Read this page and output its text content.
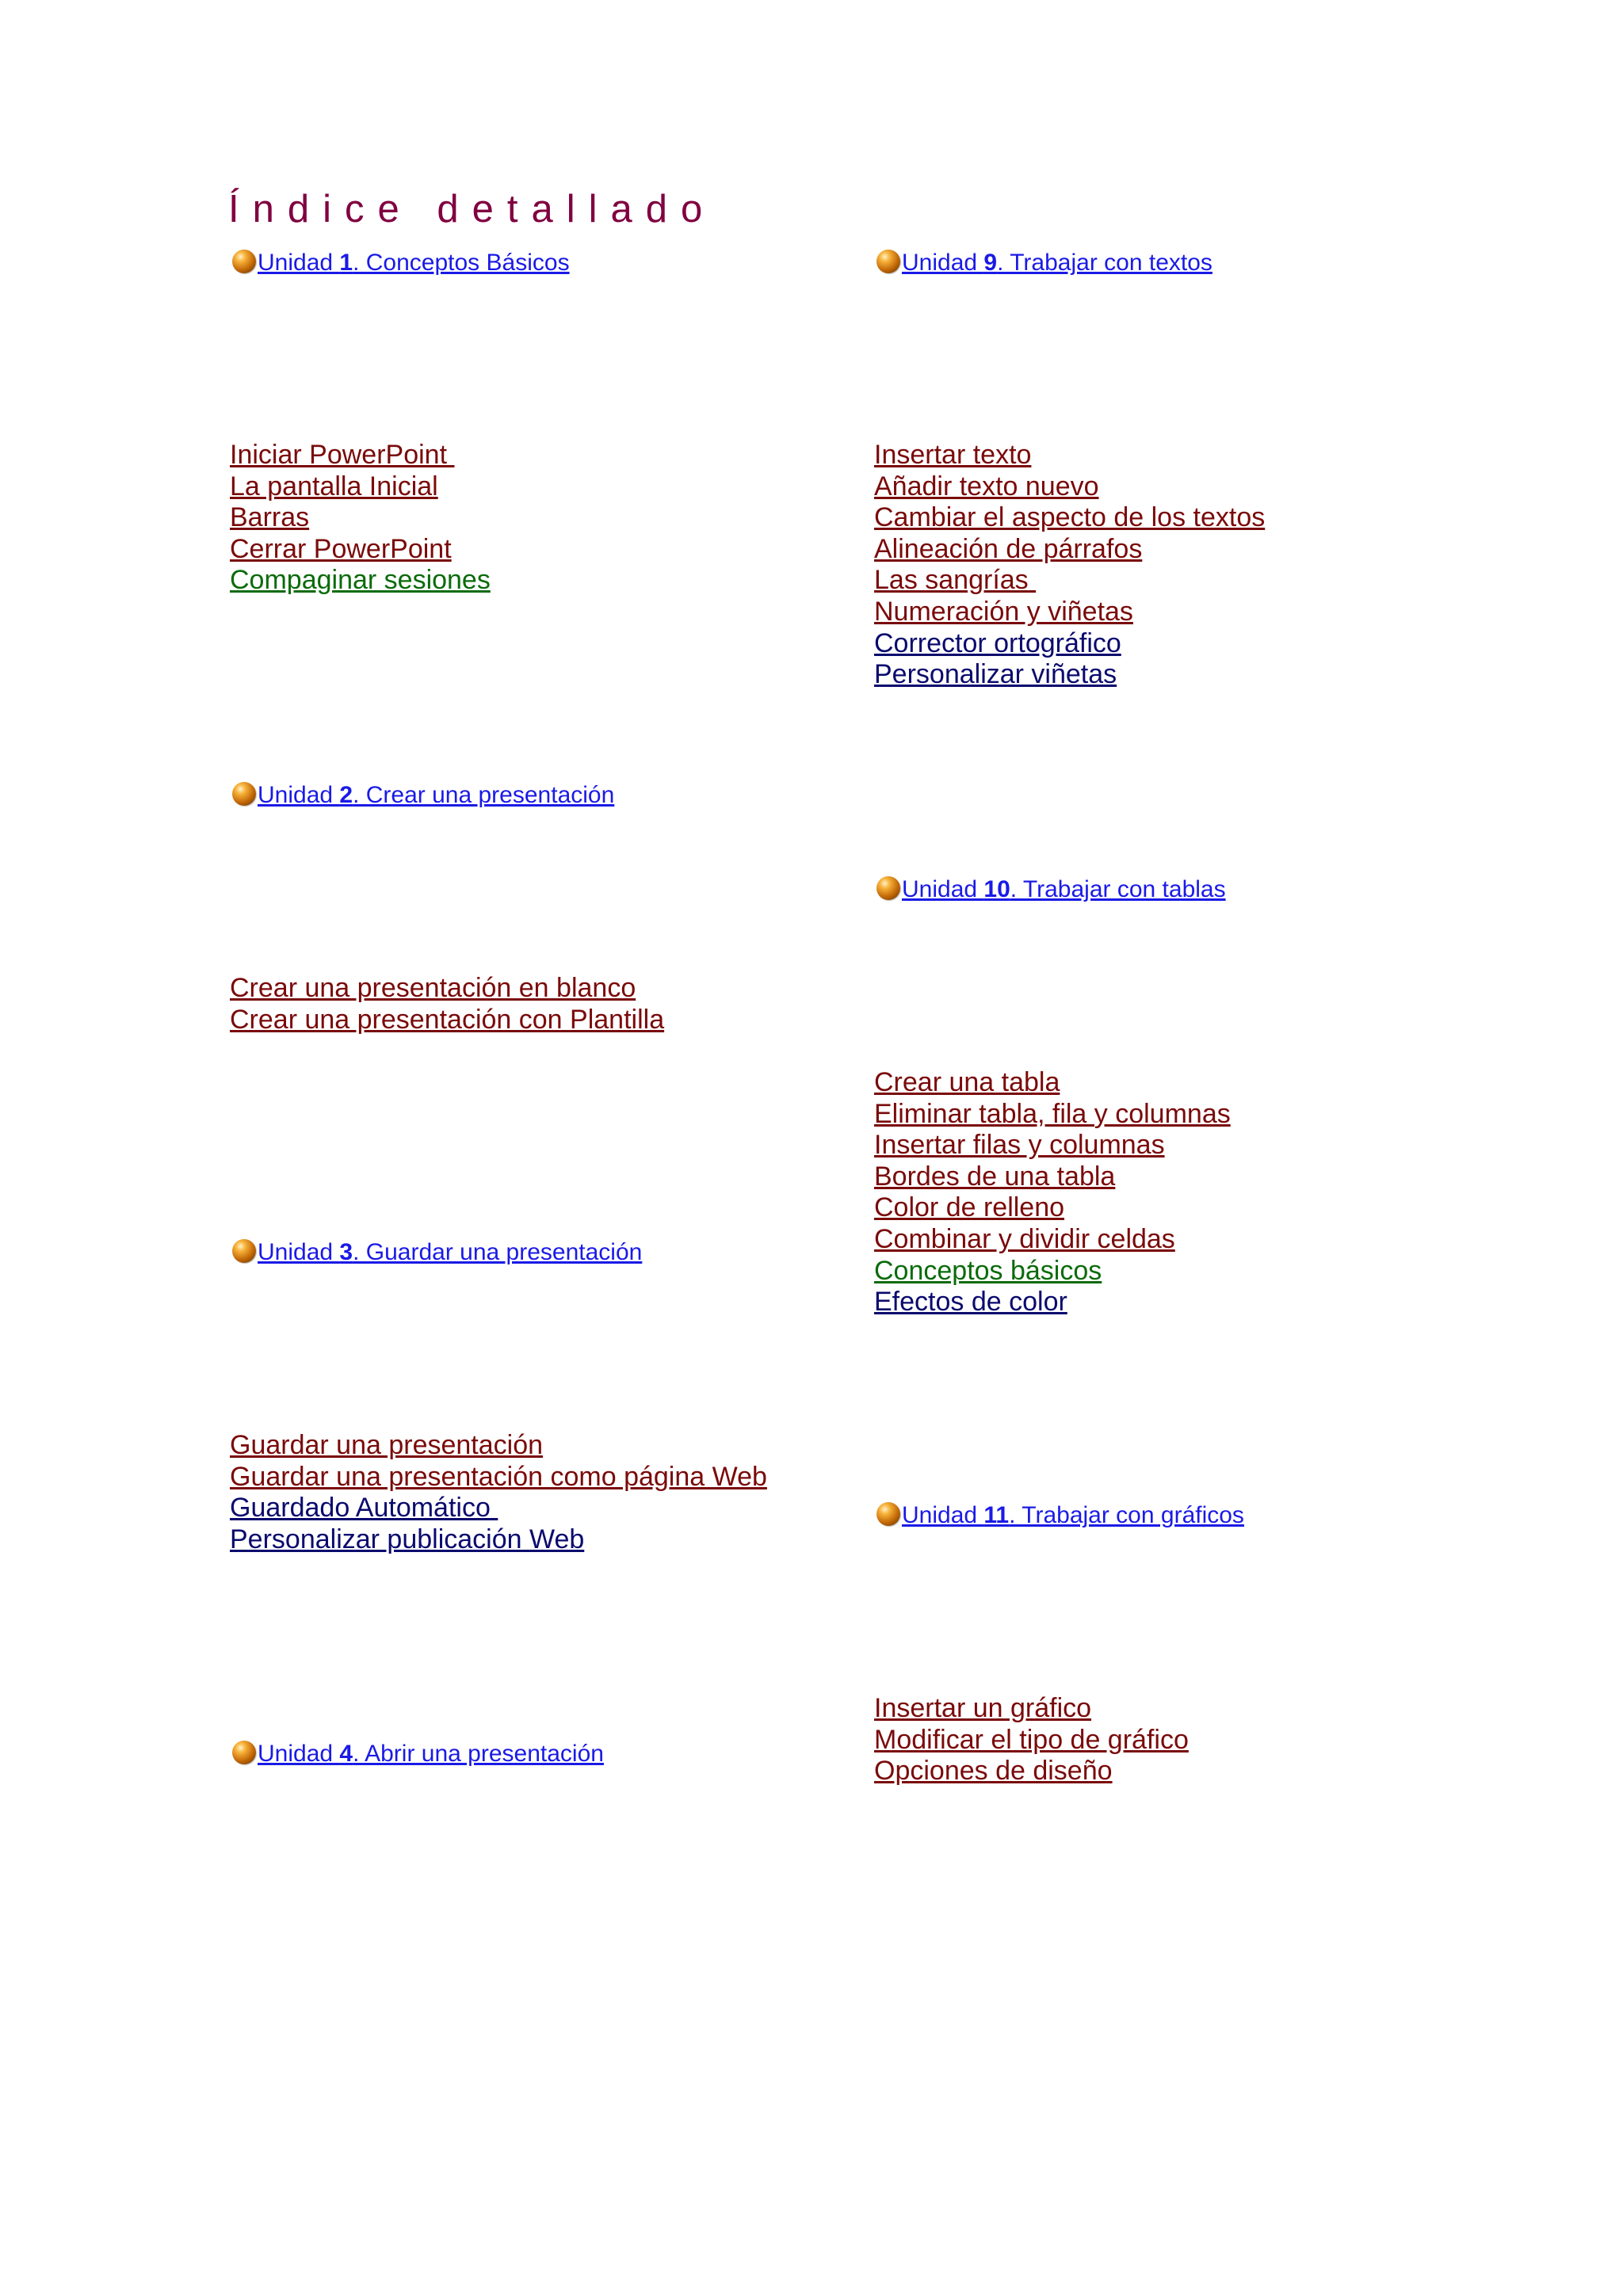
Índice detallado
Unidad 1. Conceptos Básicos
Iniciar PowerPoint
La pantalla Inicial
Barras
Cerrar PowerPoint
Compaginar sesiones
Unidad 2. Crear una presentación
Crear una presentación en blanco
Crear una presentación con Plantilla
Unidad 3. Guardar una presentación
Guardar una presentación
Guardar una presentación como página Web
Guardado Automático
Personalizar publicación Web
Unidad 4. Abrir una presentación
Unidad 9. Trabajar con textos
Insertar texto
Añadir texto nuevo
Cambiar el aspecto de los textos
Alineación de párrafos
Las sangrías
Numeración y viñetas
Corrector ortográfico
Personalizar viñetas
Unidad 10. Trabajar con tablas
Crear una tabla
Eliminar tabla, fila y columnas
Insertar filas y columnas
Bordes de una tabla
Color de relleno
Combinar y dividir celdas
Conceptos básicos
Efectos de color
Unidad 11. Trabajar con gráficos
Insertar un gráfico
Modificar el tipo de gráfico
Opciones de diseño
